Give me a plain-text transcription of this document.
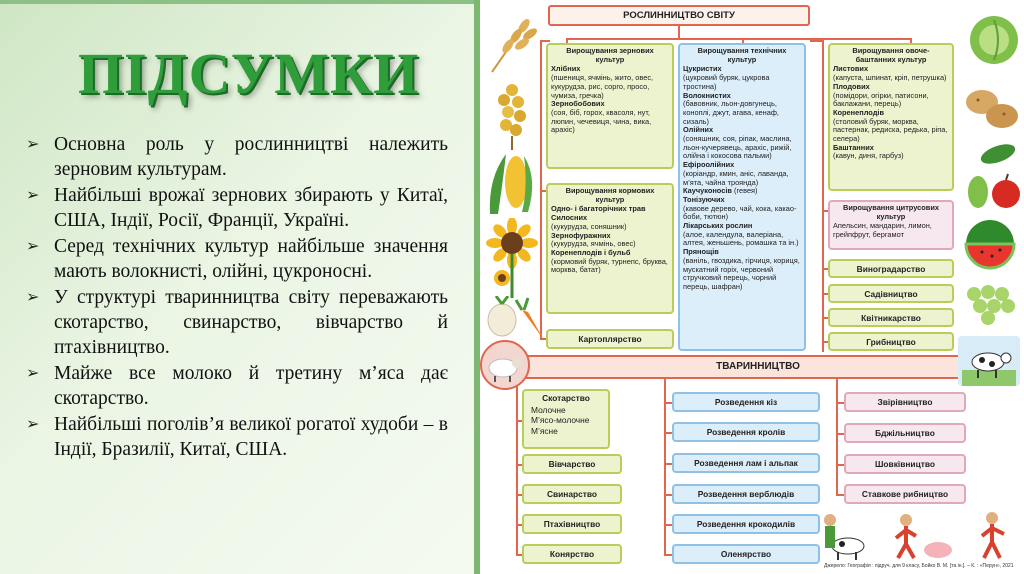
ПІДСУМКИ
➢ Основна роль у рослинництві належить зерновим культурам.
➢ Найбільші врожаї зернових збирають у Китаї, США, Індії, Росії, Франції, Україні.
➢ Серед технічних культур найбільше значення мають волокнисті, олійні, цукроносні.
➢ У структурі тваринництва світу переважають скотарство, свинарство, вівчарство й птахівництво.
➢ Майже все молоко й третину м’яса дає скотарство.
➢ Найбільші поголів’я великої рогатої худоби – в Індії, Бразилії, Китаї, США.
РОСЛИННИЦТВО СВІТУ
Вирощування зернових культур
Хлібних
(пшениця, ячмінь, жито, овес, кукурудза, рис, сорго, просо, чумиза, гречка)
Зернобобових
(соя, біб, горох, квасоля, нут, люпин, чечевиця, чина, вика, арахіс)
Вирощування кормових культур
Одно- і багаторічних трав
Силосних
(кукурудза, соняшник)
Зернофуражних
(кукурудза, ячмінь, овес)
Коренеплодів і бульб
(кормовий буряк, турнепс, бруква, морква, батат)
Картоплярство
Вирощування технічних культур
Цукристих
(цукровий буряк, цукрова тростина)
Волокнистих
(бавовник, льон-довгунець, коноплі, джут, агава, кенаф, сизаль)
Олійних
(соняшник, соя, ріпак, маслина, льон-кучерявець, арахіс, рижій, олійна і кокосова пальми)
Ефіроолійних
(коріандр, кмин, аніс, лаванда, м’ята, чайна троянда)
Каучуконосів (гевея)
Тонізуючих
(кавове дерево, чай, кока, какао-боби, тютюн)
Лікарських рослин
(алое, календула, валеріана, алтея, женьшень, ромашка та ін.)
Прянощів
(ваніль, гвоздика, гірчиця, кориця, мускатний горіх, червоний стручковий перець, чорний перець, шафран)
Вирощування овоче-баштанних культур
Листових
(капуста, шпинат, кріп, петрушка)
Плодових
(помідори, огірки, патисони, баклажани, перець)
Коренеплодів
(столовий буряк, морква, пастернак, редиска, редька, ріпа, селера)
Баштанних
(кавун, диня, гарбуз)
Вирощування цитрусових культур
Апельсин, мандарин, лимон, грейпфрут, бергамот
Виноградарство
Садівництво
Квітникарство
Грибництво
ТВАРИННИЦТВО
Скотарство
Молочне
М’ясо-молочне
М’ясне
Вівчарство
Свинарство
Птахівництво
Конярство
Розведення кіз
Розведення кролів
Розведення лам і альпак
Розведення верблюдів
Розведення крокодилів
Оленярство
Звірівництво
Бджільництво
Шовківництво
Ставкове рибництво
Джерело: Географія : підруч. для 9 класу, Бойко В. М. [та ін.]. – К. : «Перун», 2021
